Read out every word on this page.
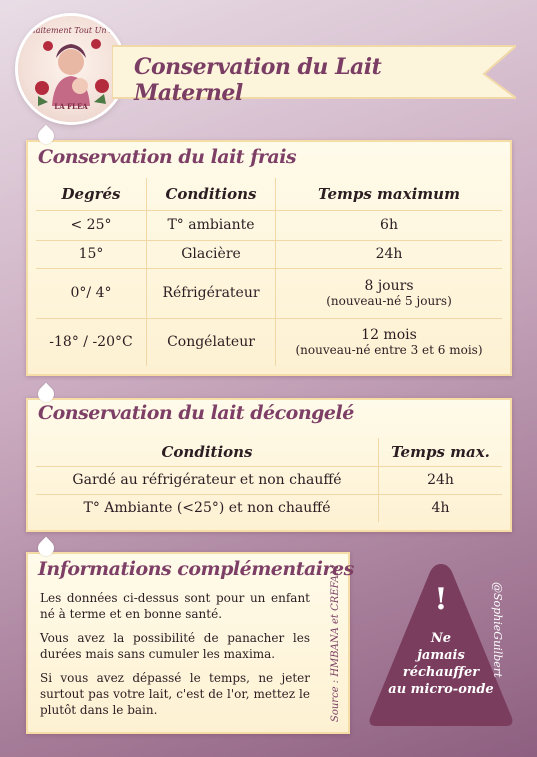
l'Allaitement Tout Un Art
LA FLEA
Conservation du Lait Maternel
Conservation du lait frais
Degrés	Conditions	Temps maximum
< 25°	T° ambiante	6h
15°	Glacière	24h
0°/ 4°	Réfrigérateur	8 jours
(nouveau-né 5 jours)

-18° / -20°C	Congélateur	12 mois
(nouveau-né entre 3 et 6 mois)
Conservation du lait décongelé
Conditions	Temps max.
Gardé au réfrigérateur et non chauffé	24h
T° Ambiante (<25°) et non chauffé	4h
Informations complémentaires

Les données ci-dessus sont pour un enfant né à terme et en bonne santé.

Vous avez la possibilité de panacher les durées mais sans cumuler les maxima.

Si vous avez dépassé le temps, ne jeter surtout pas votre lait, c'est de l'or, mettez le plutôt dans le bain.	Source : HMBANA et CREFAM	!
Ne
jamais
réchauffer
au micro-onde
@SophieGuilbert
